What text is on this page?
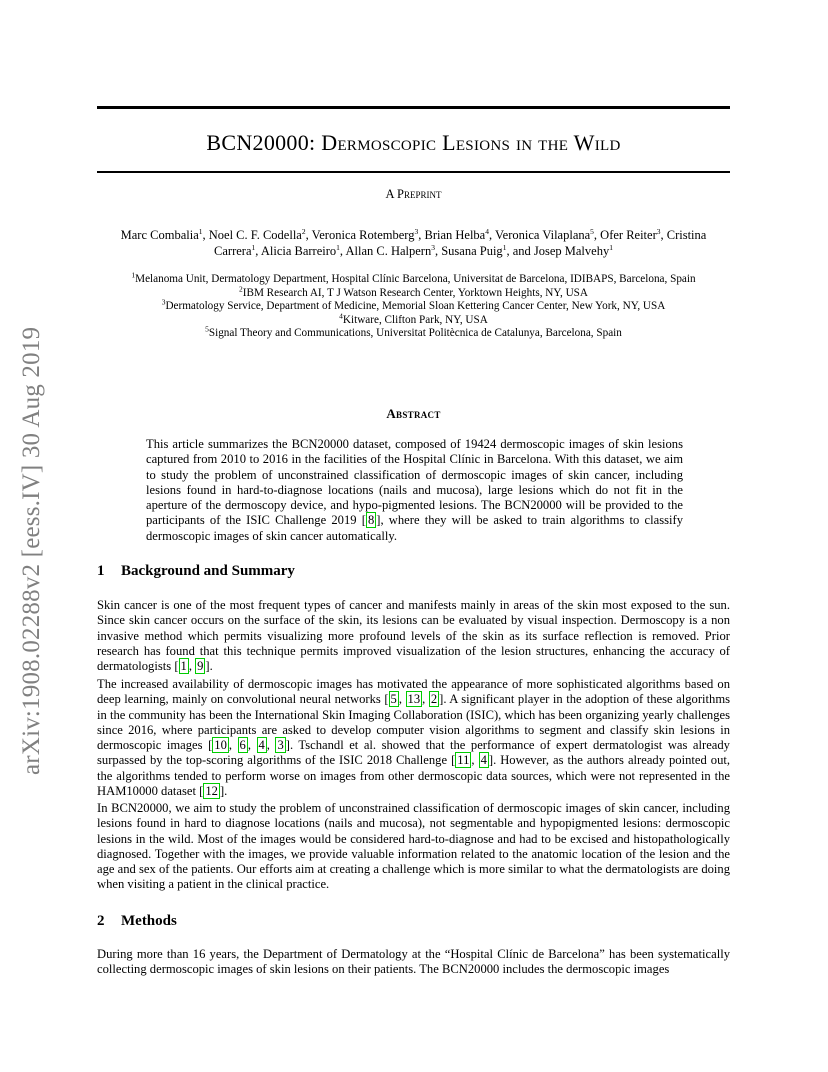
arXiv:1908.02288v2 [eess.IV] 30 Aug 2019
BCN20000: Dermoscopic Lesions in the Wild
A Preprint
Marc Combalia$^1$, Noel C. F. Codella$^2$, Veronica Rotemberg$^3$, Brian Helba$^4$, Veronica Vilaplana$^5$, Ofer Reiter$^3$, Cristina Carrera$^1$, Alicia Barreiro$^1$, Allan C. Halpern$^3$, Susana Puig$^1$, and Josep Malvehy$^1$
$^1$Melanoma Unit, Dermatology Department, Hospital Clínic Barcelona, Universitat de Barcelona, IDIBAPS, Barcelona, Spain
$^2$IBM Research AI, T J Watson Research Center, Yorktown Heights, NY, USA
$^3$Dermatology Service, Department of Medicine, Memorial Sloan Kettering Cancer Center, New York, NY, USA
$^4$Kitware, Clifton Park, NY, USA
$^5$Signal Theory and Communications, Universitat Politècnica de Catalunya, Barcelona, Spain
Abstract
This article summarizes the BCN20000 dataset, composed of 19424 dermoscopic images of skin lesions captured from 2010 to 2016 in the facilities of the Hospital Clínic in Barcelona. With this dataset, we aim to study the problem of unconstrained classification of dermoscopic images of skin cancer, including lesions found in hard-to-diagnose locations (nails and mucosa), large lesions which do not fit in the aperture of the dermoscopy device, and hypo-pigmented lesions. The BCN20000 will be provided to the participants of the ISIC Challenge 2019 [ 8 ], where they will be asked to train algorithms to classify dermoscopic images of skin cancer automatically.
1 Background and Summary
Skin cancer is one of the most frequent types of cancer and manifests mainly in areas of the skin most exposed to the sun. Since skin cancer occurs on the surface of the skin, its lesions can be evaluated by visual inspection. Dermoscopy is a non invasive method which permits visualizing more profound levels of the skin as its surface reflection is removed. Prior research has found that this technique permits improved visualization of the lesion structures, enhancing the accuracy of dermatologists [ 1 , 9 ].
The increased availability of dermoscopic images has motivated the appearance of more sophisticated algorithms based on deep learning, mainly on convolutional neural networks [ 5 , 13 , 2 ]. A significant player in the adoption of these algorithms in the community has been the International Skin Imaging Collaboration (ISIC), which has been organizing yearly challenges since 2016, where participants are asked to develop computer vision algorithms to segment and classify skin lesions in dermoscopic images [ 10 , 6 , 4 , 3 ]. Tschandl et al. showed that the performance of expert dermatologist was already surpassed by the top-scoring algorithms of the ISIC 2018 Challenge [ 11 , 4 ]. However, as the authors already pointed out, the algorithms tended to perform worse on images from other dermoscopic data sources, which were not represented in the HAM10000 dataset [ 12 ].
In BCN20000, we aim to study the problem of unconstrained classification of dermoscopic images of skin cancer, including lesions found in hard to diagnose locations (nails and mucosa), not segmentable and hypopigmented lesions: dermoscopic lesions in the wild. Most of the images would be considered hard-to-diagnose and had to be excised and histopathologically diagnosed. Together with the images, we provide valuable information related to the anatomic location of the lesion and the age and sex of the patients. Our efforts aim at creating a challenge which is more similar to what the dermatologists are doing when visiting a patient in the clinical practice.
2 Methods
During more than 16 years, the Department of Dermatology at the “Hospital Clínic de Barcelona” has been systematically collecting dermoscopic images of skin lesions on their patients. The BCN20000 includes the dermoscopic images
